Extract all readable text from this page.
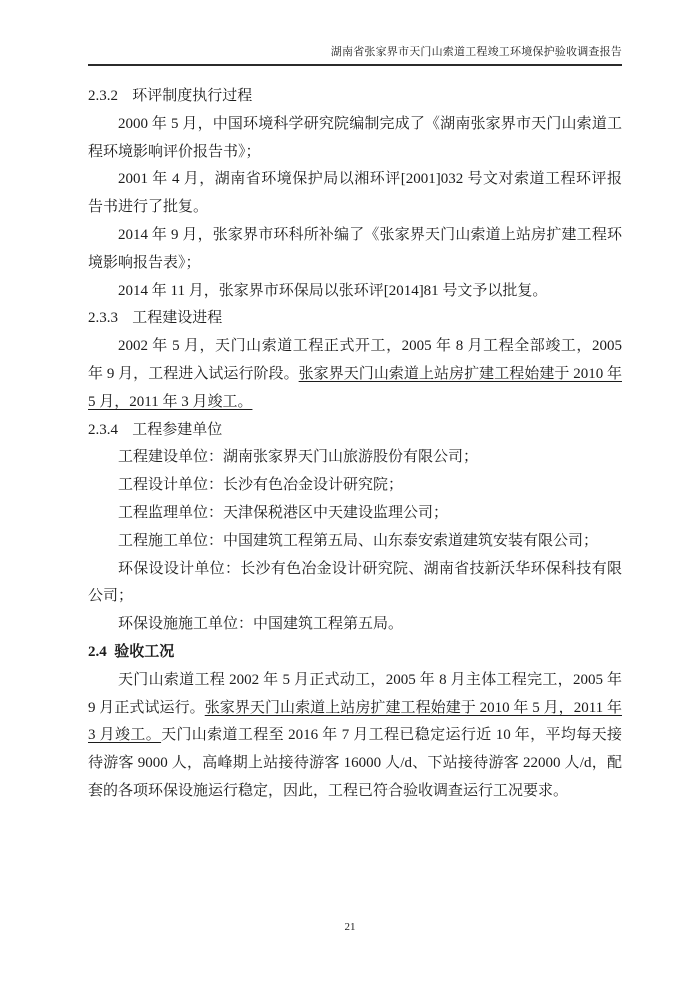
湖南省张家界市天门山索道工程竣工环境保护验收调查报告
2.3.2 环评制度执行过程

2000 年 5 月，中国环境科学研究院编制完成了《湖南张家界市天门山索道工程环境影响评价报告书》；

2001 年 4 月，湖南省环境保护局以湘环评[2001]032 号文对索道工程环评报告书进行了批复。

2014 年 9 月，张家界市环科所补编了《张家界天门山索道上站房扩建工程环境影响报告表》；

2014 年 11 月，张家界市环保局以张环评[2014]81 号文予以批复。

2.3.3 工程建设进程

2002 年 5 月，天门山索道工程正式开工，2005 年 8 月工程全部竣工，2005 年 9 月，工程进入试运行阶段。张家界天门山索道上站房扩建工程始建于 2010 年 5 月，2011 年 3 月竣工。

2.3.4 工程参建单位

工程建设单位：湖南张家界天门山旅游股份有限公司；

工程设计单位：长沙有色冶金设计研究院；

工程监理单位：天津保税港区中天建设监理公司；

工程施工单位：中国建筑工程第五局、山东泰安索道建筑安装有限公司；

环保设设计单位：长沙有色冶金设计研究院、湖南省技新沃华环保科技有限公司；

环保设施施工单位：中国建筑工程第五局。

2.4 验收工况

天门山索道工程 2002 年 5 月正式动工，2005 年 8 月主体工程完工，2005 年 9 月正式试运行。张家界天门山索道上站房扩建工程始建于 2010 年 5 月，2011 年 3 月竣工。天门山索道工程至 2016 年 7 月工程已稳定运行近 10 年，平均每天接待游客 9000 人，高峰期上站接待游客 16000 人/d、下站接待游客 22000 人/d，配套的各项环保设施运行稳定，因此，工程已符合验收调查运行工况要求。

21
